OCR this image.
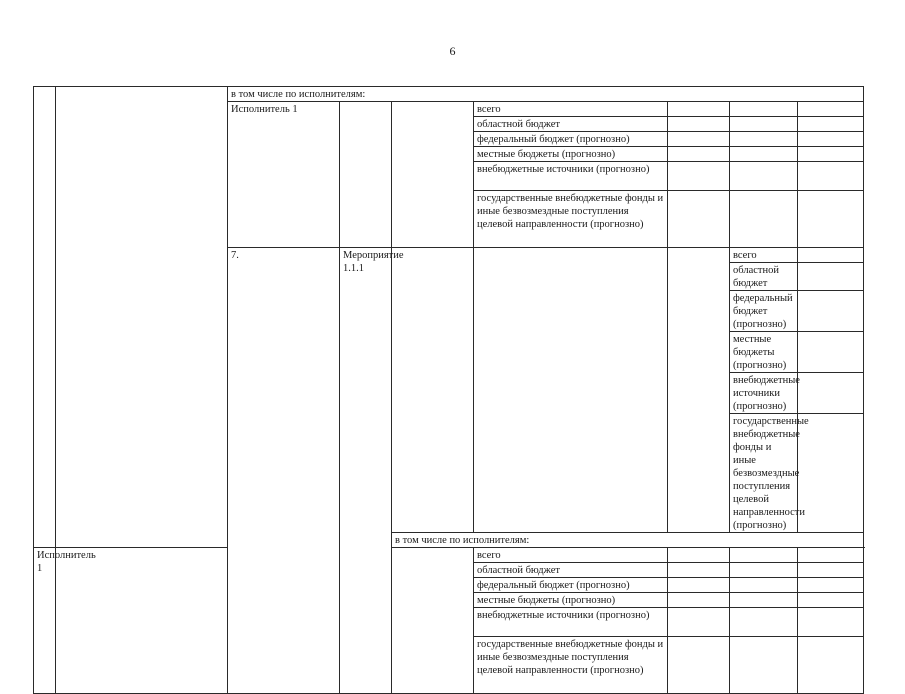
6
		в том числе по исполнителям:							
		Исполнитель 1			всего				
					областной бюджет				
					федеральный бюджет (прогнозно)				
					местные бюджеты (прогнозно)				
					внебюджетные источники (прогнозно)				
					государственные внебюджетные фонды и иные безвозмездные поступления целевой направленности (прогнозно)				
		7.	Мероприятие 1.1.1				всего			
							областной бюджет			
							федеральный бюджет (прогнозно)			
							местные бюджеты (прогнозно)			
							внебюджетные источники (прогнозно)			
							государственные внебюджетные фонды и иные безвозмездные поступления целевой направленности (прогнозно)			
				в том числе по исполнителям:					
Исполнитель 1					всего				
					областной бюджет				
					федеральный бюджет (прогнозно)				
					местные бюджеты (прогнозно)				
					внебюджетные источники (прогнозно)				
					государственные внебюджетные фонды и иные безвозмездные поступления целевой направленности (прогнозно)				
